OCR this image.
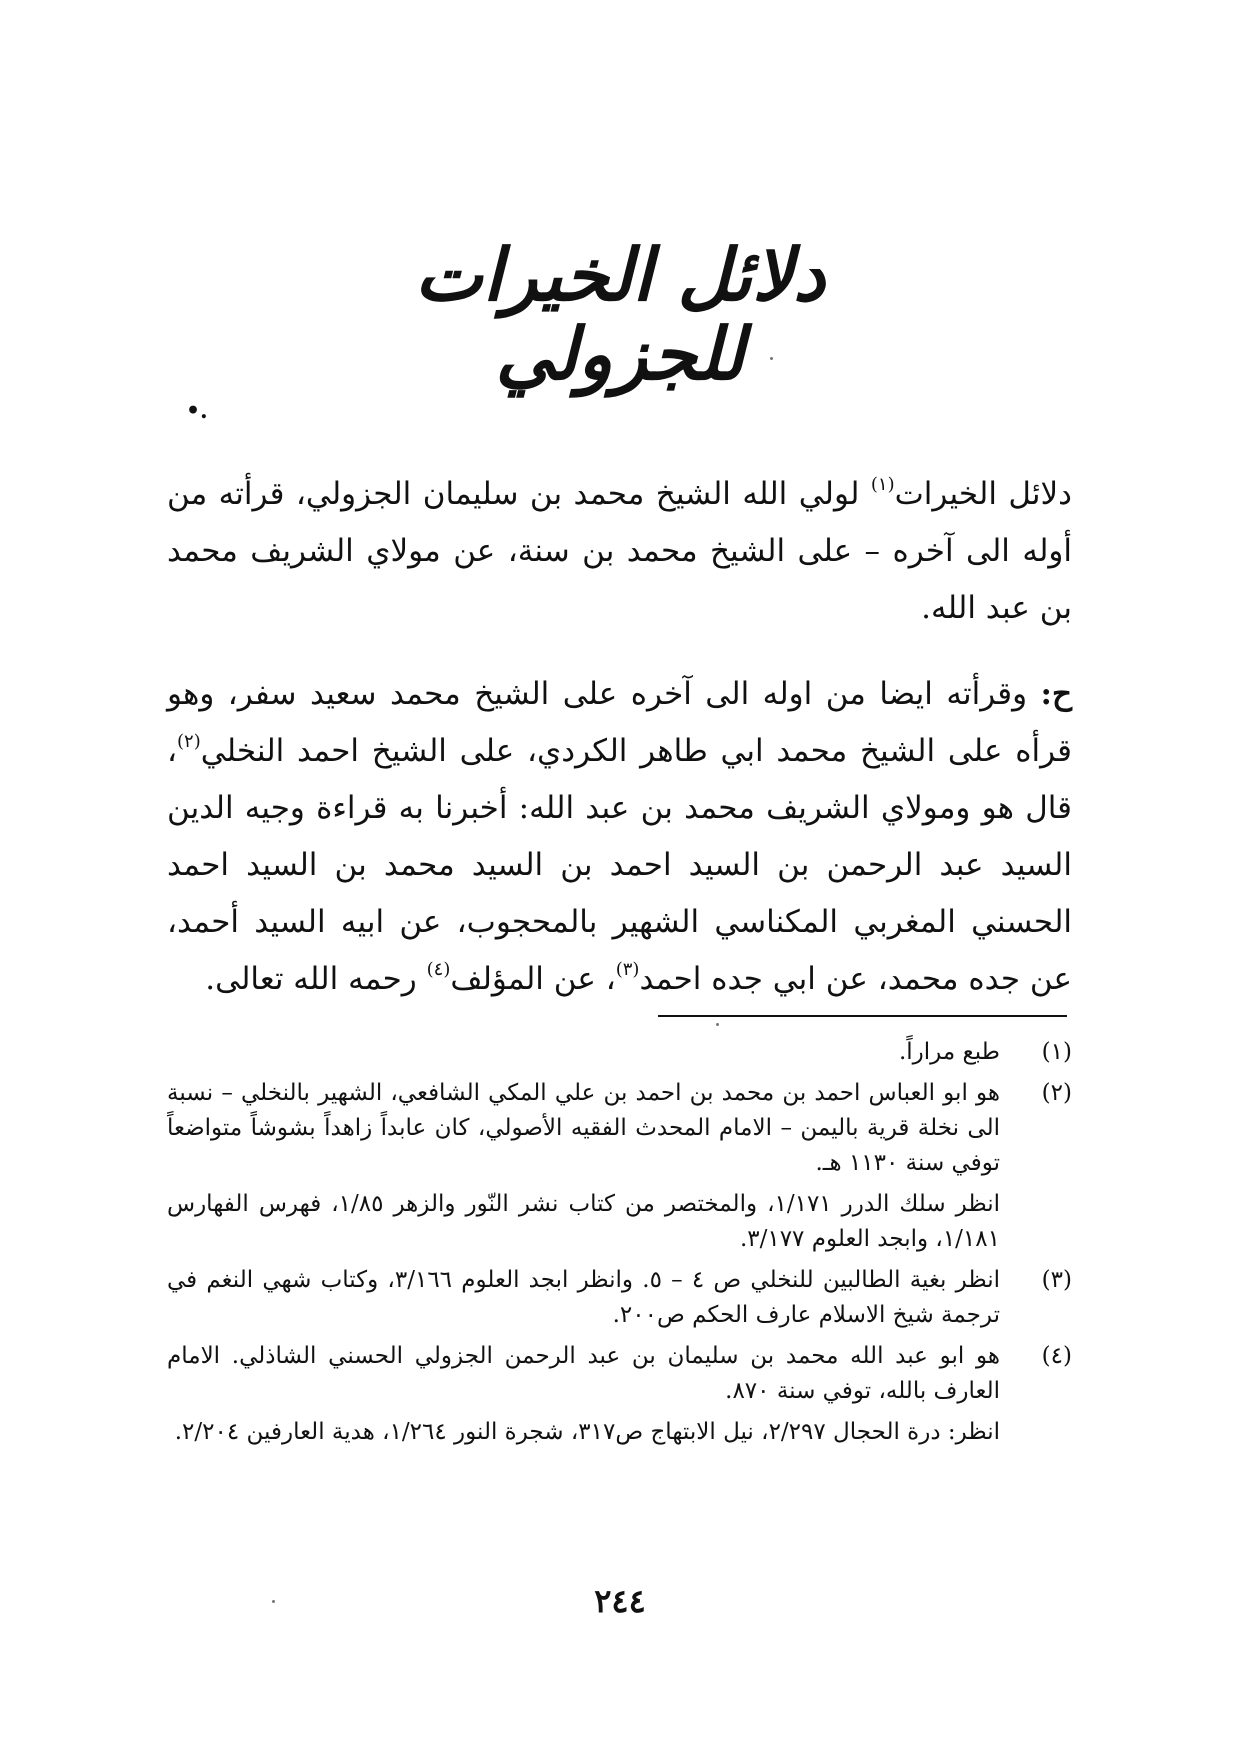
دلائل الخيرات للجزولي
•.

دلائل الخيرات$^{(١)}$ لولي الله الشيخ محمد بن سليمان الجزولي، قرأته من أوله الى آخره – على الشيخ محمد بن سنة، عن مولاي الشريف محمد بن عبد الله.

ح: وقرأته ايضا من اوله الى آخره على الشيخ محمد سعيد سفر، وهو قرأه على الشيخ محمد ابي طاهر الكردي، على الشيخ احمد النخلي$^{(٢)}$، قال هو ومولاي الشريف محمد بن عبد الله: أخبرنا به قراءة وجيه الدين السيد عبد الرحمن بن السيد احمد بن السيد محمد بن السيد احمد الحسني المغربي المكناسي الشهير بالمحجوب، عن ابيه السيد أحمد، عن جده محمد، عن ابي جده احمد$^{(٣)}$، عن المؤلف$^{(٤)}$ رحمه الله تعالى.

(١)
طبع مراراً.
(٢)
هو ابو العباس احمد بن محمد بن احمد بن علي المكي الشافعي، الشهير بالنخلي – نسبة الى نخلة قرية باليمن – الامام المحدث الفقيه الأصولي، كان عابداً زاهداً بشوشاً متواضعاً توفي سنة ١١٣٠ هـ.
انظر سلك الدرر ١/١٧١، والمختصر من كتاب نشر النّور والزهر ١/٨٥، فهرس الفهارس ١/١٨١، وابجد العلوم ٣/١٧٧.
(٣)
انظر بغية الطالبين للنخلي ص ٤ – ٥. وانظر ابجد العلوم ٣/١٦٦، وكتاب شهي النغم في ترجمة شيخ الاسلام عارف الحكم ص٢٠٠.
(٤)
هو ابو عبد الله محمد بن سليمان بن عبد الرحمن الجزولي الحسني الشاذلي. الامام العارف بالله، توفي سنة ٨٧٠.
انظر: درة الحجال ٢/٢٩٧، نيل الابتهاج ص٣١٧، شجرة النور ١/٢٦٤، هدية العارفين ٢/٢٠٤.
٢٤٤
